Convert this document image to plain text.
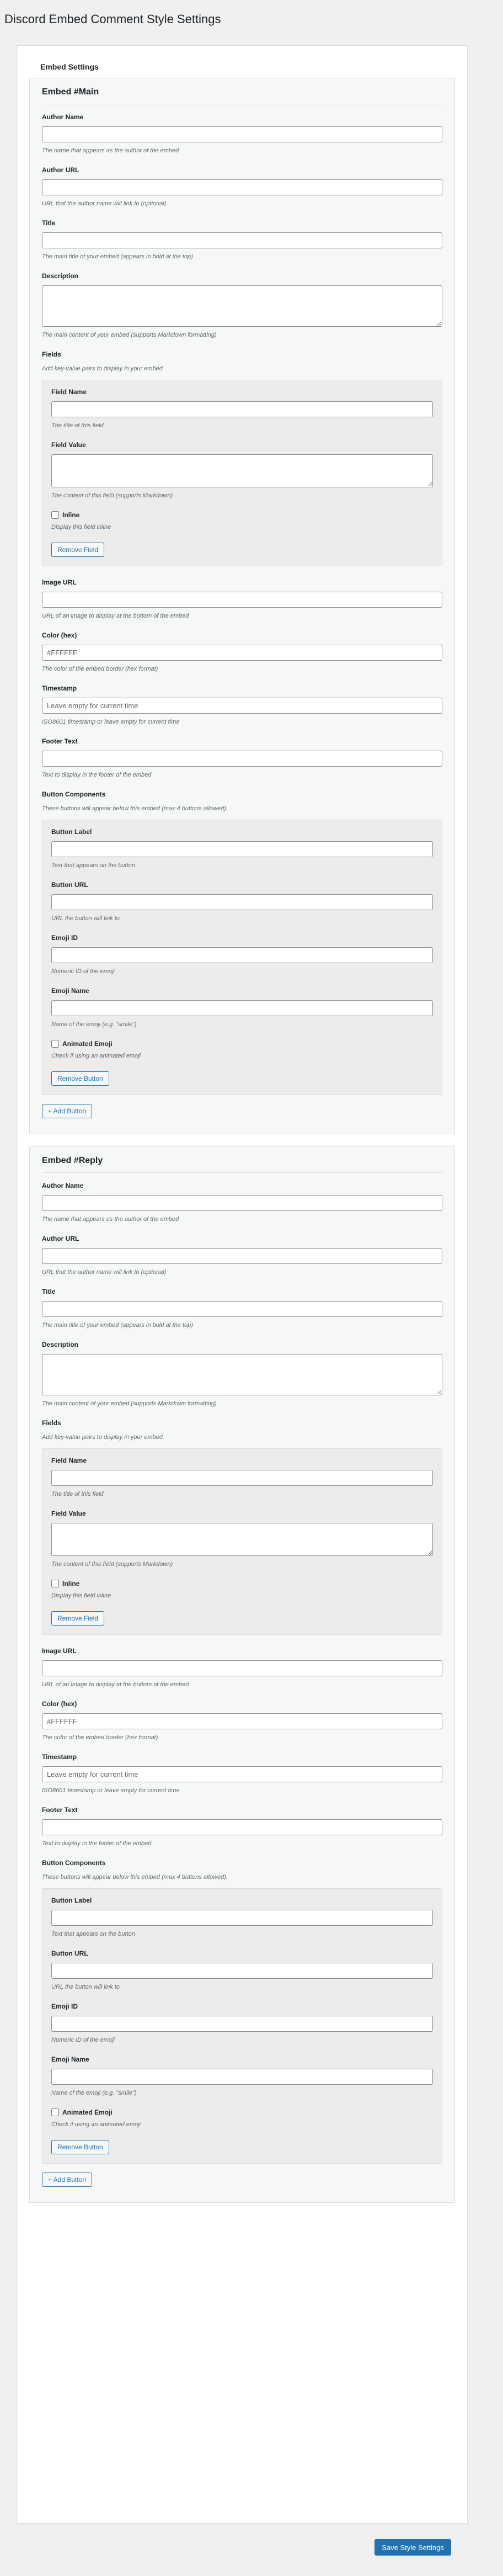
Discord Embed Comment Style Settings
Embed Settings
Embed #Main
Author Name

The name that appears as the author of the embed

Author URL

URL that the author name will link to (optional)

Title

The main title of your embed (appears in bold at the top)

Description

The main content of your embed (supports Markdown formatting)

Fields

Add key-value pairs to display in your embed

Field Name

The title of this field

Field Value

The content of this field (supports Markdown)

Inline

Display this field inline

Remove Field
Image URL

URL of an image to display at the bottom of the embed

Color (hex)
#FFFFFF

The color of the embed border (hex format)

Timestamp
Leave empty for current time

ISO8601 timestamp or leave empty for current time

Footer Text

Text to display in the footer of the embed

Button Components

These buttons will appear below this embed (max 4 buttons allowed).

Button Label

Text that appears on the button

Button URL

URL the button will link to

Emoji ID

Numeric ID of the emoji

Emoji Name

Name of the emoji (e.g. "smile")

Animated Emoji

Check if using an animated emoji

Remove Button
+ Add Button
Embed #Reply
Author Name

The name that appears as the author of the embed

Author URL

URL that the author name will link to (optional)

Title

The main title of your embed (appears in bold at the top)

Description

The main content of your embed (supports Markdown formatting)

Fields

Add key-value pairs to display in your embed

Field Name

The title of this field

Field Value

The content of this field (supports Markdown)

Inline

Display this field inline

Remove Field
Image URL

URL of an image to display at the bottom of the embed

Color (hex)
#FFFFFF

The color of the embed border (hex format)

Timestamp
Leave empty for current time

ISO8601 timestamp or leave empty for current time

Footer Text

Text to display in the footer of the embed

Button Components

These buttons will appear below this embed (max 4 buttons allowed).

Button Label

Text that appears on the button

Button URL

URL the button will link to

Emoji ID

Numeric ID of the emoji

Emoji Name

Name of the emoji (e.g. "smile")

Animated Emoji

Check if using an animated emoji

Remove Button
+ Add Button
Save Style Settings
